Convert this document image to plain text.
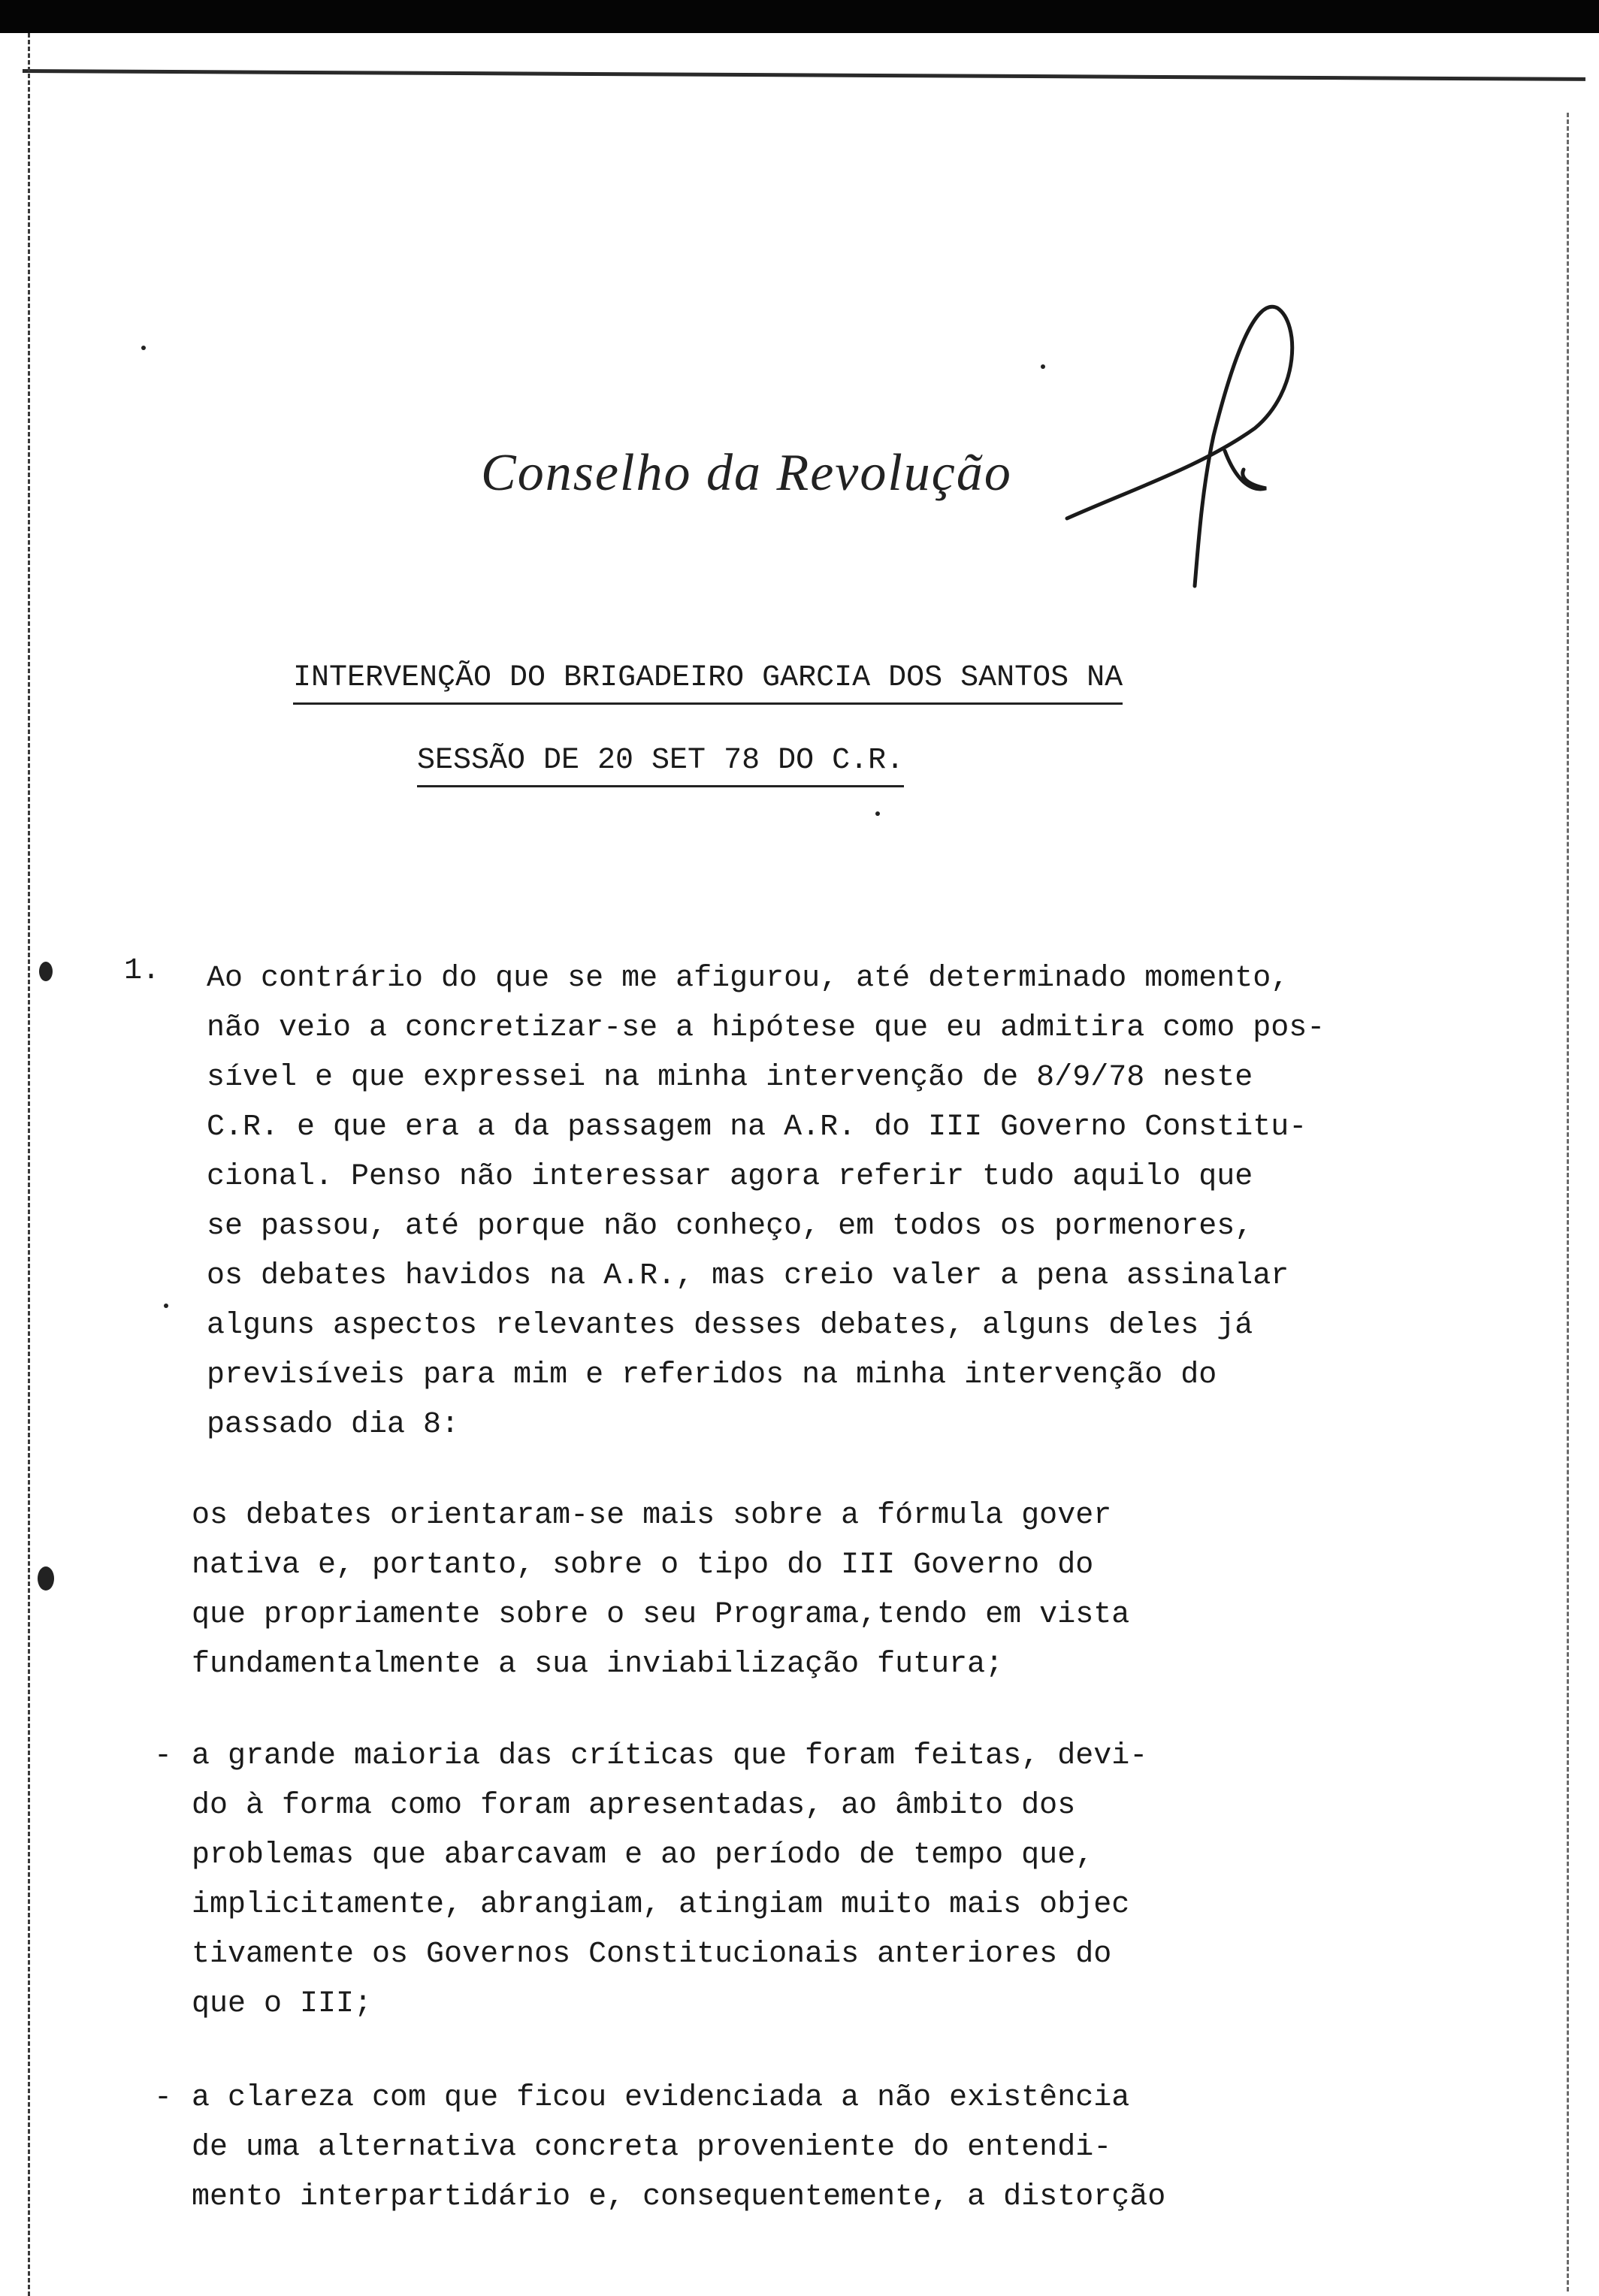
Conselho da Revolução
INTERVENÇÃO DO BRIGADEIRO GARCIA DOS SANTOS NA
SESSÃO DE 20 SET 78 DO C.R.
1. Ao contrário do que se me afigurou, até determinado momento,

não veio a concretizar-se a hipótese que eu admitira como pos-

sível e que expressei na minha intervenção de 8/9/78 neste

C.R. e que era a da passagem na A.R. do III Governo Constitu-

cional. Penso não interessar agora referir tudo aquilo que

se passou, até porque não conheço, em todos os pormenores,

os debates havidos na A.R., mas creio valer a pena assinalar

alguns aspectos relevantes desses debates, alguns deles já

previsíveis para mim e referidos na minha intervenção do

passado dia 8:

os debates orientaram-se mais sobre a fórmula gover

nativa e, portanto, sobre o tipo do III Governo do

que propriamente sobre o seu Programa,tendo em vista

fundamentalmente a sua inviabilização futura;

- a grande maioria das críticas que foram feitas, devi-

do à forma como foram apresentadas, ao âmbito dos

problemas que abarcavam e ao período de tempo que,

implicitamente, abrangiam, atingiam muito mais objec

tivamente os Governos Constitucionais anteriores do

que o III;

- a clareza com que ficou evidenciada a não existência

de uma alternativa concreta proveniente do entendi-

mento interpartidário e, consequentemente, a distorção
